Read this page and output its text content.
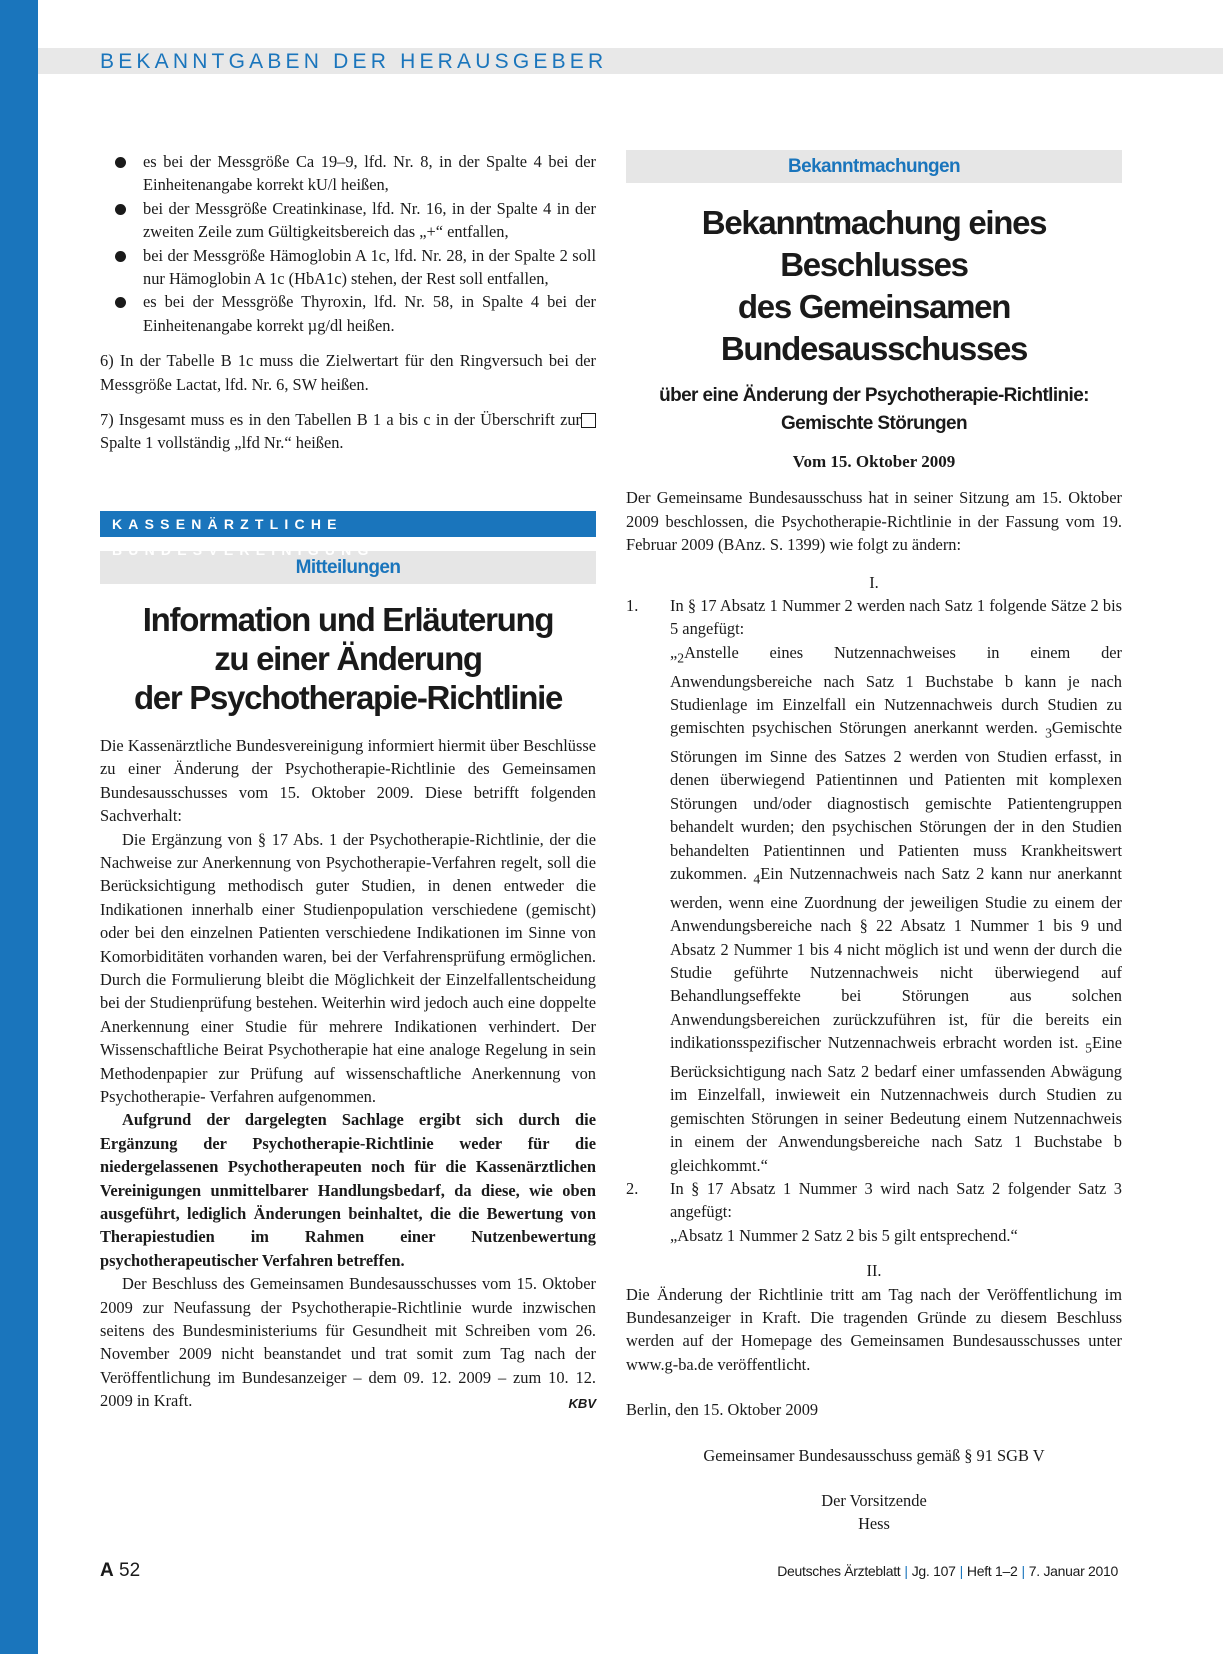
BEKANNTGABEN DER HERAUSGEBER
es bei der Messgröße Ca 19–9, lfd. Nr. 8, in der Spalte 4 bei der Einheitenangabe korrekt kU/l heißen,
bei der Messgröße Creatinkinase, lfd. Nr. 16, in der Spalte 4 in der zweiten Zeile zum Gültigkeitsbereich das „+“ entfallen,
bei der Messgröße Hämoglobin A 1c, lfd. Nr. 28, in der Spalte 2 soll nur Hämoglobin A 1c (HbA1c) stehen, der Rest soll entfallen,
es bei der Messgröße Thyroxin, lfd. Nr. 58, in Spalte 4 bei der Einheitenangabe korrekt µg/dl heißen.

6) In der Tabelle B 1c muss die Zielwertart für den Ringversuch bei der Messgröße Lactat, lfd. Nr. 6, SW heißen.

7) Insgesamt muss es in den Tabellen B 1 a bis c in der Überschrift zur Spalte 1 vollständig „lfd Nr.“ heißen.

KASSENÄRZTLICHE BUNDESVEREINIGUNG
Mitteilungen
Information und Erläuterung
zu einer Änderung
der Psychotherapie-Richtlinie

Die Kassenärztliche Bundesvereinigung informiert hiermit über Beschlüsse zu einer Änderung der Psychotherapie-Richtlinie des Gemeinsamen Bundesausschusses vom 15. Oktober 2009. Diese betrifft folgenden Sachverhalt:

Die Ergänzung von § 17 Abs. 1 der Psychotherapie-Richtlinie, der die Nachweise zur Anerkennung von Psychotherapie-Verfahren regelt, soll die Berücksichtigung methodisch guter Studien, in denen entweder die Indikationen innerhalb einer Studienpopulation verschiedene (gemischt) oder bei den einzelnen Patienten verschiedene Indikationen im Sinne von Komorbiditäten vorhanden waren, bei der Verfahrensprüfung ermöglichen. Durch die Formulierung bleibt die Möglichkeit der Einzelfallentscheidung bei der Studienprüfung bestehen. Weiterhin wird jedoch auch eine doppelte Anerkennung einer Studie für mehrere Indikationen verhindert. Der Wissenschaftliche Beirat Psychotherapie hat eine analoge Regelung in sein Methodenpapier zur Prüfung auf wissenschaftliche Anerkennung von Psychotherapie- Verfahren aufgenommen.

Aufgrund der dargelegten Sachlage ergibt sich durch die Ergänzung der Psychotherapie-Richtlinie weder für die niedergelassenen Psychotherapeuten noch für die Kassenärztlichen Vereinigungen unmittelbarer Handlungsbedarf, da diese, wie oben ausgeführt, lediglich Änderungen beinhaltet, die die Bewertung von Therapiestudien im Rahmen einer Nutzenbewertung psychotherapeutischer Verfahren betreffen.

Der Beschluss des Gemeinsamen Bundesausschusses vom 15. Oktober 2009 zur Neufassung der Psychotherapie-Richtlinie wurde inzwischen seitens des Bundesministeriums für Gesundheit mit Schreiben vom 26. November 2009 nicht beanstandet und trat somit zum Tag nach der Veröffentlichung im Bundesanzeiger – dem 09. 12. 2009 – zum 10. 12. 2009 in Kraft.	KBV

Bekanntmachungen
Bekanntmachung eines Beschlusses
des Gemeinsamen Bundesausschusses
über eine Änderung der Psychotherapie-Richtlinie:
Gemischte Störungen
Vom 15. Oktober 2009

Der Gemeinsame Bundesausschuss hat in seiner Sitzung am 15. Oktober 2009 beschlossen, die Psychotherapie-Richtlinie in der Fassung vom 19. Februar 2009 (BAnz. S. 1399) wie folgt zu ändern:

I.
1. In § 17 Absatz 1 Nummer 2 werden nach Satz 1 folgende Sätze 2 bis 5 angefügt:

$„_2Anstelle$ eines Nutzennachweises in einem der Anwendungsbereiche nach Satz 1 Buchstabe b kann je nach Studienlage im Einzelfall ein Nutzennachweis durch Studien zu gemischten psychischen Störungen anerkannt werden. $_3$Gemischte Störungen im Sinne des Satzes 2 werden von Studien erfasst, in denen überwiegend Patientinnen und Patienten mit komplexen Störungen und/oder diagnostisch gemischte Patientengruppen behandelt wurden; den psychischen Störungen der in den Studien behandelten Patientinnen und Patienten muss Krankheitswert zukommen. $_4$Ein Nutzennachweis nach Satz 2 kann nur anerkannt werden, wenn eine Zuordnung der jeweiligen Studie zu einem der Anwendungsbereiche nach § 22 Absatz 1 Nummer 1 bis 9 und Absatz 2 Nummer 1 bis 4 nicht möglich ist und wenn der durch die Studie geführte Nutzennachweis nicht überwiegend auf Behandlungseffekte bei Störungen aus solchen Anwendungsbereichen zurückzuführen ist, für die bereits ein indikationsspezifischer Nutzennachweis erbracht worden ist. $_5$Eine Berücksichtigung nach Satz 2 bedarf einer umfassenden Abwägung im Einzelfall, inwieweit ein Nutzennachweis durch Studien zu gemischten Störungen in seiner Bedeutung einem Nutzennachweis in einem der Anwendungsbereiche nach Satz 1 Buchstabe b gleichkommt.“

2. In § 17 Absatz 1 Nummer 3 wird nach Satz 2 folgender Satz 3 angefügt:

„Absatz 1 Nummer 2 Satz 2 bis 5 gilt entsprechend.“

II.

Die Änderung der Richtlinie tritt am Tag nach der Veröffentlichung im Bundesanzeiger in Kraft. Die tragenden Gründe zu diesem Beschluss werden auf der Homepage des Gemeinsamen Bundesausschusses unter www.g-ba.de veröffentlicht.

Berlin, den 15. Oktober 2009

Gemeinsamer Bundesausschuss gemäß § 91 SGB V
Der Vorsitzende
Hess
A 52	Deutsches Ärzteblatt | Jg. 107 | Heft 1–2 | 7. Januar 2010
